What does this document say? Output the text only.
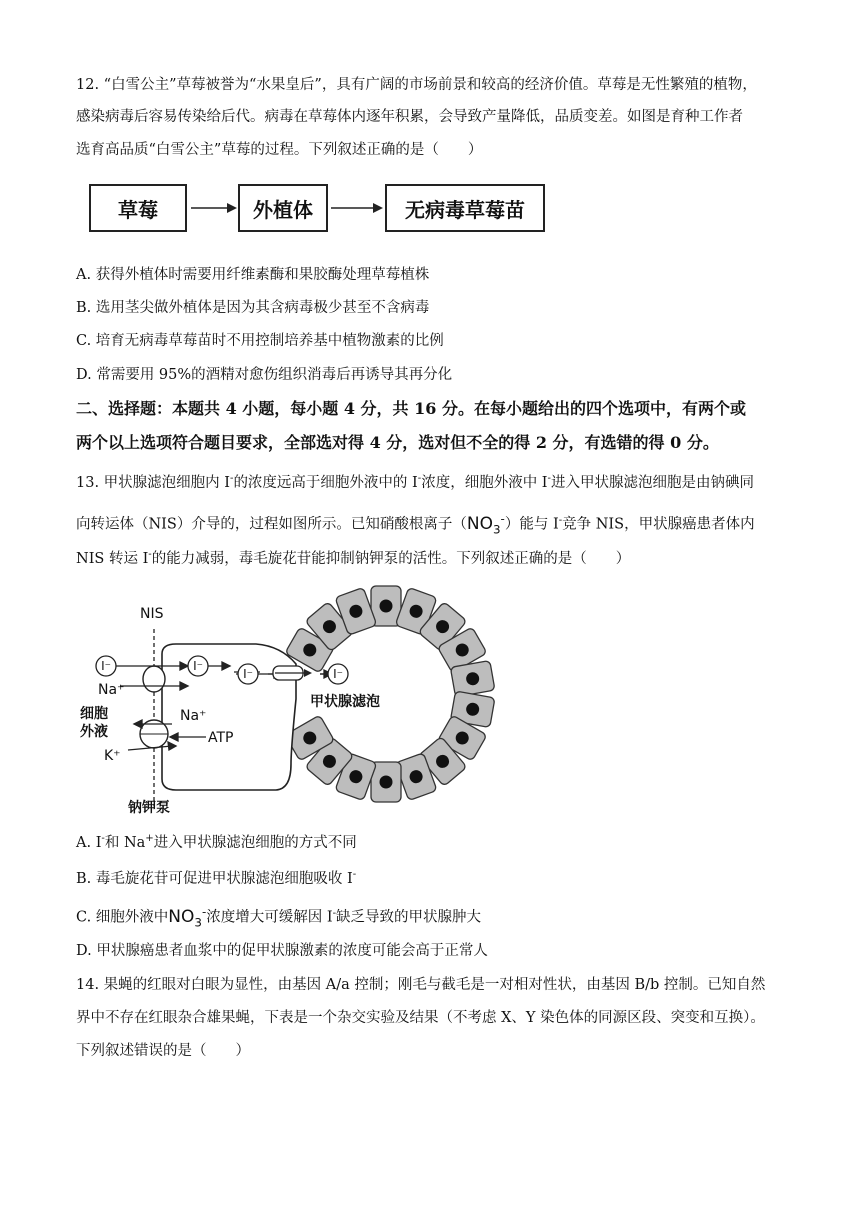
12. “白雪公主”草莓被誉为“水果皇后”，具有广阔的市场前景和较高的经济价值。草莓是无性繁殖的植物，
感染病毒后容易传染给后代。病毒在草莓体内逐年积累，会导致产量降低，品质变差。如图是育种工作者
选育高品质“白雪公主”草莓的过程。下列叙述正确的是（　　）
草莓	外植体	无病毒草莓苗
A. 获得外植体时需要用纤维素酶和果胶酶处理草莓植株
B. 选用茎尖做外植体是因为其含病毒极少甚至不含病毒
C. 培育无病毒草莓苗时不用控制培养基中植物激素的比例
D. 常需要用 95%的酒精对愈伤组织消毒后再诱导其再分化
二、选择题：本题共 4 小题，每小题 4 分，共 16 分。在每小题给出的四个选项中，有两个或
两个以上选项符合题目要求，全部选对得 4 分，选对但不全的得 2 分，有选错的得 0 分。
13. 甲状腺滤泡细胞内 I-的浓度远高于细胞外液中的 I-浓度，细胞外液中 I-进入甲状腺滤泡细胞是由钠碘同
向转运体（NIS）介导的，过程如图所示。已知硝酸根离子$(NO_3^-)$能与 I-竞争 NIS，甲状腺癌患者体内
NIS 转运 I-的能力减弱，毒毛旋花苷能抑制钠钾泵的活性。下列叙述正确的是（　　）
I⁻	I⁻
I⁻	I⁻
NIS
Na⁺
Na⁺
ATP
K⁺
细胞
外液
甲状腺滤泡
钠钾泵
A. I-和 Na+进入甲状腺滤泡细胞的方式不同
B. 毒毛旋花苷可促进甲状腺滤泡细胞吸收 I-
C. 细胞外液中$NO_3^-$浓度增大可缓解因 I-缺乏导致的甲状腺肿大
D. 甲状腺癌患者血浆中的促甲状腺激素的浓度可能会高于正常人
14. 果蝇的红眼对白眼为显性，由基因 A/a 控制；刚毛与截毛是一对相对性状，由基因 B/b 控制。已知自然
界中不存在红眼杂合雄果蝇，下表是一个杂交实验及结果（不考虑 X、Y 染色体的同源区段、突变和互换）。
下列叙述错误的是（　　）
